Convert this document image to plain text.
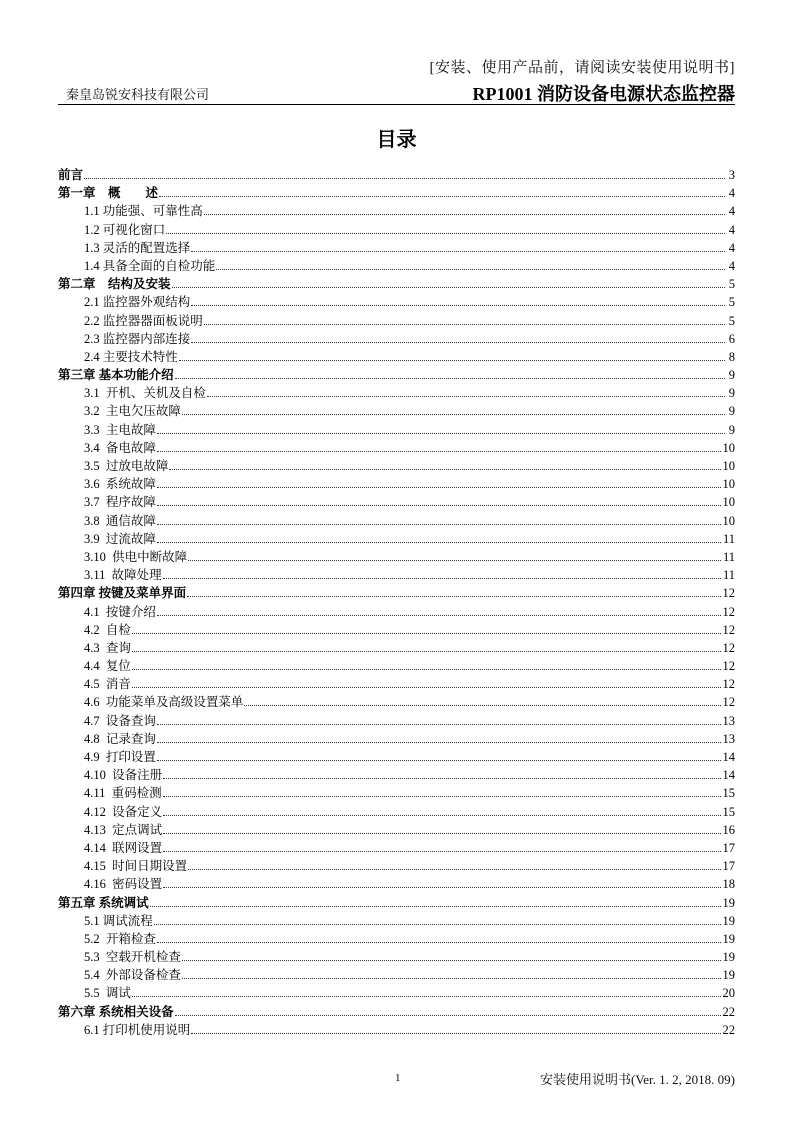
[安装、使用产品前，请阅读安装使用说明书]
秦皇岛锐安科技有限公司	RP1001 消防设备电源状态监控器
目录
前言	3
第一章　概　　述	4
1.1 功能强、可靠性高	4
1.2 可视化窗口	4
1.3 灵活的配置选择	4
1.4 具备全面的自检功能	4
第二章　结构及安装	5
2.1 监控器外观结构	5
2.2 监控器器面板说明	5
2.3 监控器内部连接	6
2.4 主要技术特性	8
第三章 基本功能介绍	9
3.1  开机、关机及自检	9
3.2  主电欠压故障	9
3.3  主电故障	9
3.4  备电故障	10
3.5  过放电故障	10
3.6  系统故障	10
3.7  程序故障	10
3.8  通信故障	10
3.9  过流故障	11
3.10  供电中断故障	11
3.11  故障处理	11
第四章 按键及菜单界面	12
4.1  按键介绍	12
4.2  自检	12
4.3  查询	12
4.4  复位	12
4.5  消音	12
4.6  功能菜单及高级设置菜单	12
4.7  设备查询	13
4.8  记录查询	13
4.9  打印设置	14
4.10  设备注册	14
4.11  重码检测	15
4.12  设备定义	15
4.13  定点调试	16
4.14  联网设置	17
4.15  时间日期设置	17
4.16  密码设置	18
第五章 系统调试	19
5.1 调试流程	19
5.2  开箱检查	19
5.3  空载开机检查	19
5.4  外部设备检查	19
5.5  调试	20
第六章 系统相关设备	22
6.1 打印机使用说明	22
1	安装使用说明书(Ver. 1. 2, 2018. 09)
